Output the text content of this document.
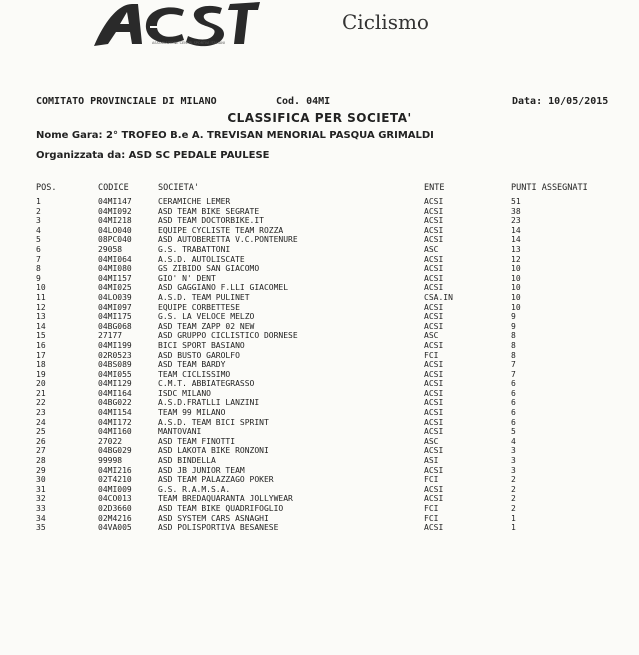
ASSOCIAZIONE CENTRI SPORTIVI ITALIANI
Ciclismo
COMITATO PROVINCIALE DI MILANO	Cod. 04MI	Data: 10/05/2015
CLASSIFICA PER SOCIETA'
Nome Gara: 2° TROFEO B.e A. TREVISAN MENORIAL PASQUA GRIMALDI
Organizzata da: ASD SC PEDALE PAULESE
POS.	CODICE	SOCIETA'	ENTE	PUNTI ASSEGNATI
1	04MI147	CERAMICHE LEMER	ACSI	51
2	04MI092	ASD TEAM BIKE SEGRATE	ACSI	38
3	04MI218	ASD TEAM DOCTORBIKE.IT	ACSI	23
4	04LO040	EQUIPE CYCLISTE TEAM ROZZA	ACSI	14
5	08PC040	ASD AUTOBERETTA V.C.PONTENURE	ACSI	14
6	29058	G.S. TRABATTONI	ASC	13
7	04MI064	A.S.D. AUTOLISCATE	ACSI	12
8	04MI080	GS ZIBIDO SAN GIACOMO	ACSI	10
9	04MI157	GIO' N' DENT	ACSI	10
10	04MI025	ASD GAGGIANO F.LLI GIACOMEL	ACSI	10
11	04LO039	A.S.D. TEAM PULINET	CSA.IN	10
12	04MI097	EQUIPE CORBETTESE	ACSI	10
13	04MI175	G.S. LA VELOCE MELZO	ACSI	9
14	04BG068	ASD TEAM ZAPP 02 NEW	ACSI	9
15	27177	ASD GRUPPO CICLISTICO DORNESE	ASC	8
16	04MI199	BICI SPORT BASIANO	ACSI	8
17	02R0523	ASD BUSTO GAROLFO	FCI	8
18	04BS089	ASD TEAM BARDY	ACSI	7
19	04MI055	TEAM CICLISSIMO	ACSI	7
20	04MI129	C.M.T. ABBIATEGRASSO	ACSI	6
21	04MI164	ISDC MILANO	ACSI	6
22	04BG022	A.S.D.FRATLLI LANZINI	ACSI	6
23	04MI154	TEAM 99 MILANO	ACSI	6
24	04MI172	A.S.D. TEAM BICI SPRINT	ACSI	6
25	04MI160	MANTOVANI	ACSI	5
26	27022	ASD TEAM FINOTTI	ASC	4
27	04BG029	ASD LAKOTA BIKE RONZONI	ACSI	3
28	99998	ASD BINDELLA	ASI	3
29	04MI216	ASD JB JUNIOR TEAM	ACSI	3
30	02T4210	ASD TEAM PALAZZAGO POKER	FCI	2
31	04MI009	G.S. R.A.M.S.A.	ACSI	2
32	04CO013	TEAM BREDAQUARANTA JOLLYWEAR	ACSI	2
33	02D3660	ASD TEAM BIKE QUADRIFOGLIO	FCI	2
34	02M4216	ASD SYSTEM CARS ASNAGHI	FCI	1
35	04VA005	ASD POLISPORTIVA BESANESE	ACSI	1
